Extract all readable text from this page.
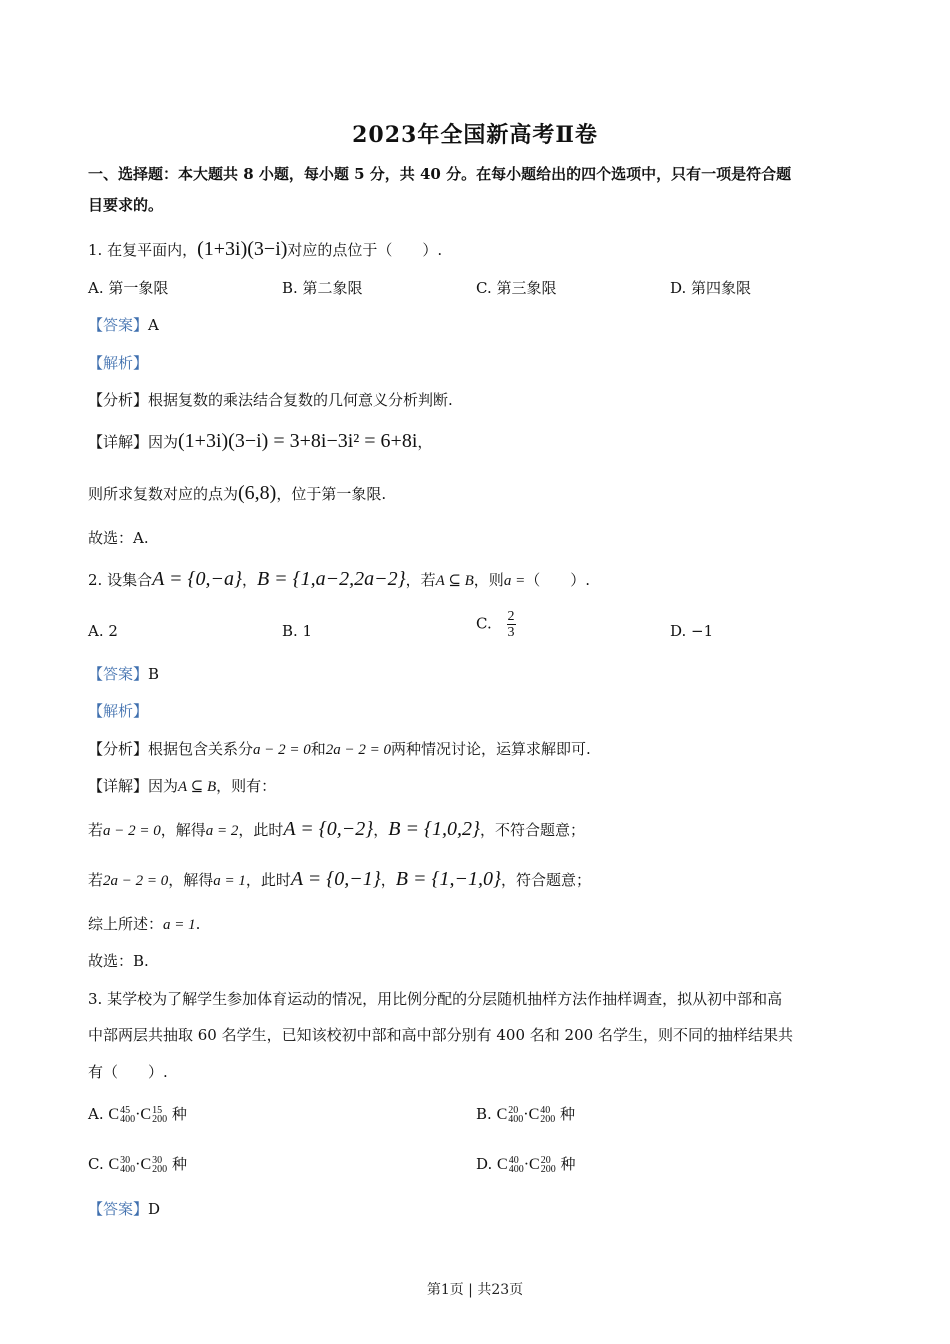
2023年全国新高考Ⅱ卷
一、选择题：本大题共 8 小题，每小题 5 分，共 40 分。在每小题给出的四个选项中，只有一项是符合题
目要求的。
1. 在复平面内，(1+3i)(3−i)对应的点位于（　　）.
A. 第一象限	B. 第二象限	C. 第三象限	D. 第四象限
【答案】A
【解析】
【分析】根据复数的乘法结合复数的几何意义分析判断.
【详解】因为(1+3i)(3−i) = 3+8i−3i² = 6+8i，
则所求复数对应的点为(6,8)，位于第一象限.
故选：A.
2. 设集合A = {0,−a}，B = {1,a−2,2a−2}，若A ⊆ B，则a =（　　）.
A. 2	B. 1	C. $\frac{2}{3}$	D. −1
【答案】B
【解析】
【分析】根据包含关系分a − 2 = 0和2a − 2 = 0两种情况讨论，运算求解即可.
【详解】因为A ⊆ B，则有：
若a − 2 = 0，解得a = 2，此时A = {0,−2}，B = {1,0,2}，不符合题意；
若2a − 2 = 0，解得a = 1，此时A = {0,−1}，B = {1,−1,0}，符合题意；
综上所述：a = 1.
故选：B.
3. 某学校为了解学生参加体育运动的情况，用比例分配的分层随机抽样方法作抽样调查，拟从初中部和高
中部两层共抽取 60 名学生，已知该校初中部和高中部分别有 400 名和 200 名学生，则不同的抽样结果共
有（　　）.
A. C 45
400 ·C 15
200 种	B. C 20
400 ·C 40
200 种
C. C 30
400 ·C 30
200 种	D. C 40
400 ·C 20
200 种
【答案】D
第1页 | 共23页
